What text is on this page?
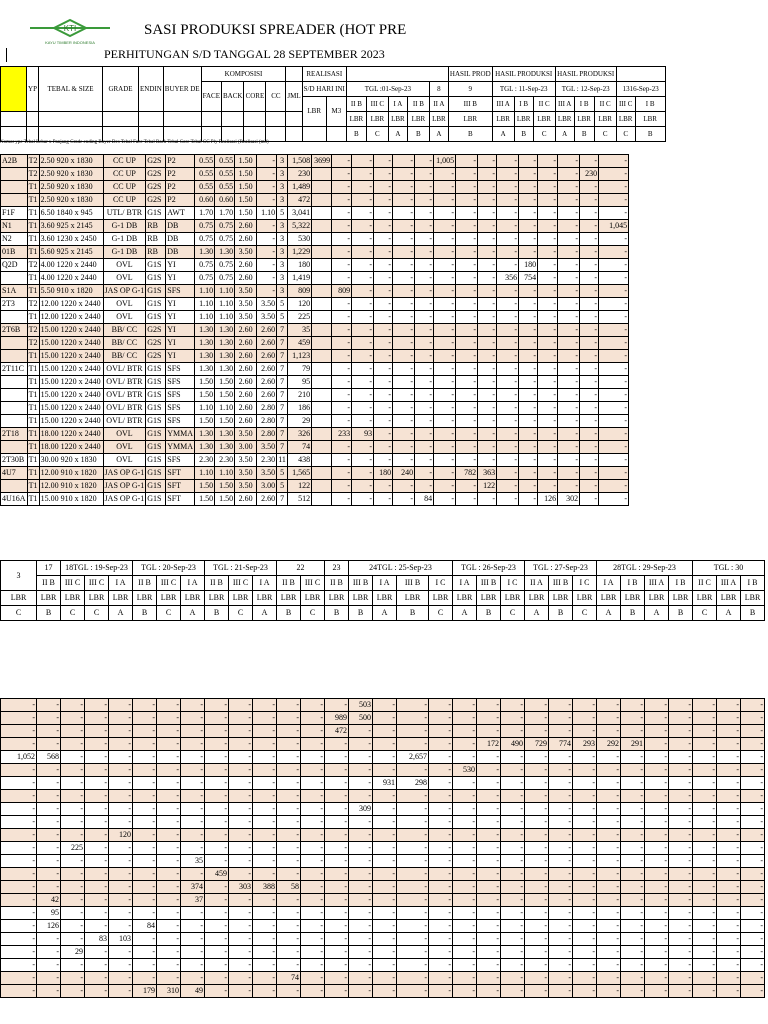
KTI
KAYU TIMBER INDONESIA
SASI PRODUKSI SPREADER (HOT PRE
PERHITUNGAN S/D TANGGAL 28 SEPTEMBER 2023
	YP	TEBAL & SIZE	GRADE	ENDIN	BUYER DE	KOMPOSISI					REALISASI							HASIL PROD	HASIL PRODUKSI			HASIL PRODUKSI				
						FACE	BACK	CORE	CC	JML	S/D HARI INI		TGL :01-Sep-23				8	9	TGL : 11-Sep-23			TGL : 12-Sep-23			1316-Sep-23	
											LBR	M3	II B	III C	I A	II B	II A	III B	III A	I B	II C	III A	I B	II C	III C	I B
													LBR	LBR	LBR	LBR	LBR	LBR	LBR	LBR	LBR	LBR	LBR	LBR	LBR	LBR
													B	C	A	B	A	B	A	B	C	A	B	C	C	B
Nomor ype Tebal Lebar x Panjang Grade ending Buyer Des Tebal Face Tebal Back Tebal Core Tebal CC Ply Realisasi (Realisasi (m3)
A2B	T2	2.50 920 x 1830	CC UP	G2S	P2	0.55	0.55	1.50	-	3	1,508	3699	-	-	-	-	-	1,005	-	-	-	-	-	-	-	-
	T2	2.50 920 x 1830	CC UP	G2S	P2	0.55	0.55	1.50	-	3	230		-	-	-	-	-	-	-	-	-	-	-	-	230	-
	T1	2.50 920 x 1830	CC UP	G2S	P2	0.55	0.55	1.50	-	3	1,489		-	-	-	-	-	-	-	-	-	-	-	-	-	-
	T1	2.50 920 x 1830	CC UP	G2S	P2	0.60	0.60	1.50	-	3	472		-	-	-	-	-	-	-	-	-	-	-	-	-	-
F1F	T1	6.50 1840 x 945	UTL/ BTR	G1S	AWT	1.70	1.70	1.50	1.10	5	3,041		-	-	-	-	-	-	-	-	-	-	-	-	-	-
N1	T1	3.60 925 x 2145	G-1 DB	RB	DB	0.75	0.75	2.60	-	3	5,322		-	-	-	-	-	-	-	-	-	-	-	-	-	1,045
N2	T1	3.60 1230 x 2450	G-1 DB	RB	DB	0.75	0.75	2.60	-	3	530		-	-	-	-	-	-	-	-	-	-	-	-	-	-
01B	T1	5.60 925 x 2145	G-1 DB	RB	DB	1.30	1.30	3.50	-	3	1,229		-	-	-	-	-	-	-	-	-	-	-	-	-	-
Q2D	T2	4.00 1220 x 2440	OVL	G1S	YI	0.75	0.75	2.60	-	3	180		-	-	-	-	-	-	-	-	-	180	-	-	-	-
	T1	4.00 1220 x 2440	OVL	G1S	YI	0.75	0.75	2.60	-	3	1,419		-	-	-	-	-	-	-	-	356	754	-	-	-	-
S1A	T1	5.50 910 x 1820	JAS OP G-1	G1S	SFS	1.10	1.10	3.50	-	3	809		809	-	-	-	-	-	-	-	-	-	-	-	-	-
2T3	T2	12.00 1220 x 2440	OVL	G1S	YI	1.10	1.10	3.50	3.50	5	120		-	-	-	-	-	-	-	-	-	-	-	-	-	-
	T1	12.00 1220 x 2440	OVL	G1S	YI	1.10	1.10	3.50	3.50	5	225		-	-	-	-	-	-	-	-	-	-	-	-	-	-
2T6B	T2	15.00 1220 x 2440	BB/ CC	G2S	YI	1.30	1.30	2.60	2.60	7	35		-	-	-	-	-	-	-	-	-	-	-	-	-	-
	T2	15.00 1220 x 2440	BB/ CC	G2S	YI	1.30	1.30	2.60	2.60	7	459		-	-	-	-	-	-	-	-	-	-	-	-	-	-
	T1	15.00 1220 x 2440	BB/ CC	G2S	YI	1.30	1.30	2.60	2.60	7	1,123		-	-	-	-	-	-	-	-	-	-	-	-	-	-
2T11C	T1	15.00 1220 x 2440	OVL/ BTR	G1S	SFS	1.30	1.30	2.60	2.60	7	79		-	-	-	-	-	-	-	-	-	-	-	-	-	-
	T1	15.00 1220 x 2440	OVL/ BTR	G1S	SFS	1.50	1.50	2.60	2.60	7	95		-	-	-	-	-	-	-	-	-	-	-	-	-	-
	T1	15.00 1220 x 2440	OVL/ BTR	G1S	SFS	1.50	1.50	2.60	2.60	7	210		-	-	-	-	-	-	-	-	-	-	-	-	-	-
	T1	15.00 1220 x 2440	OVL/ BTR	G1S	SFS	1.10	1.10	2.60	2.80	7	186		-	-	-	-	-	-	-	-	-	-	-	-	-	-
	T1	15.00 1220 x 2440	OVL/ BTR	G1S	SFS	1.50	1.50	2.60	2.80	7	29		-	-	-	-	-	-	-	-	-	-	-	-	-	-
2T18	T1	18.00 1220 x 2440	OVL	G1S	YMMA	1.30	1.30	3.50	2.80	7	326		233	93	-	-	-	-	-	-	-	-	-	-	-	-
	T1	18.00 1220 x 2440	OVL	G1S	YMMA	1.30	1.30	3.00	3.50	7	74		-	-	-	-	-	-	-	-	-	-	-	-	-	-
2T30B	T1	30.00 920 x 1830	OVL	G1S	SFS	2.30	2.30	3.50	2.30	11	438		-	-	-	-	-	-	-	-	-	-	-	-	-	-
4U7	T1	12.00 910 x 1820	JAS OP G-1	G1S	SFT	1.10	1.10	3.50	3.50	5	1,565		-	-	180	240	-	-	782	363	-	-	-	-	-	-
	T1	12.00 910 x 1820	JAS OP G-1	G1S	SFT	1.50	1.50	3.50	3.00	5	122		-	-	-	-	-	-	-	122	-	-	-	-	-	-
4U16A	T1	15.00 910 x 1820	JAS OP G-1	G1S	SFT	1.50	1.50	2.60	2.60	7	512		-	-	-	-	84	-	-	-	-	-	126	302	-	-
3	17	18TGL : 19-Sep-23			TGL : 20-Sep-23			TGL : 21-Sep-23			22		23	24TGL : 25-Sep-23				TGL : 26-Sep-23			TGL : 27-Sep-23			28TGL : 29-Sep-23				TGL : 30		
	II B	III C	III C	I A	II B	III C	I A	II B	III C	I A	II B	III C	II B	III B	I A	III B	I C	I A	III B	I C	II A	III B	I C	I A	I B	III A	I B	II C	III A	I B
LBR	LBR	LBR	LBR	LBR	LBR	LBR	LBR	LBR	LBR	LBR	LBR	LBR	LBR	LBR	LBR	LBR	LBR	LBR	LBR	LBR	LBR	LBR	LBR	LBR	LBR	LBR	LBR	LBR	LBR	LBR
C	B	C	C	A	B	C	A	B	C	A	B	C	B	B	A	B	C	A	B	C	A	B	C	A	B	A	B	C	A	B
-	-	-	-	-	-	-	-	-	-	-	-	-	-	503	-	-	-	-	-	-	-	-	-	-	-	-	-	-	-	-
-	-	-	-	-	-	-	-	-	-	-	-	-	989	500	-	-	-	-	-	-	-	-	-	-	-	-	-	-	-	-
-	-	-	-	-	-	-	-	-	-	-	-	-	472	-	-	-	-	-	-	-	-	-	-	-	-	-	-	-	-	-
-	-	-	-	-	-	-	-	-	-	-	-	-	-	-	-	-	-	-	172	490	729	774	293	292	291	-	-	-	-	-
1,052	568	-	-	-	-	-	-	-	-	-	-	-	-	-	-	2,657	-	-	-	-	-	-	-	-	-	-	-	-	-	-
-	-	-	-	-	-	-	-	-	-	-	-	-	-	-	-	-	-	530	-	-	-	-	-	-	-	-	-	-	-	-
-	-	-	-	-	-	-	-	-	-	-	-	-	-	-	931	298	-	-	-	-	-	-	-	-	-	-	-	-	-	-
-	-	-	-	-	-	-	-	-	-	-	-	-	-	-	-	-	-	-	-	-	-	-	-	-	-	-	-	-	-	-
-	-	-	-	-	-	-	-	-	-	-	-	-	-	309	-	-	-	-	-	-	-	-	-	-	-	-	-	-	-	-
-	-	-	-	-	-	-	-	-	-	-	-	-	-	-	-	-	-	-	-	-	-	-	-	-	-	-	-	-	-	-
-	-	-	-	120	-	-	-	-	-	-	-	-	-	-	-	-	-	-	-	-	-	-	-	-	-	-	-	-	-	-
-	-	225	-	-	-	-	-	-	-	-	-	-	-	-	-	-	-	-	-	-	-	-	-	-	-	-	-	-	-	-
-	-	-	-	-	-	-	35	-	-	-	-	-	-	-	-	-	-	-	-	-	-	-	-	-	-	-	-	-	-	-
-	-	-	-	-	-	-	-	459	-	-	-	-	-	-	-	-	-	-	-	-	-	-	-	-	-	-	-	-	-	-
-	-	-	-	-	-	-	374	-	303	388	58	-	-	-	-	-	-	-	-	-	-	-	-	-	-	-	-	-	-	-
-	42	-	-	-	-	-	37	-	-	-	-	-	-	-	-	-	-	-	-	-	-	-	-	-	-	-	-	-	-	-
-	95	-	-	-	-	-	-	-	-	-	-	-	-	-	-	-	-	-	-	-	-	-	-	-	-	-	-	-	-	-
-	126	-	-	-	84	-	-	-	-	-	-	-	-	-	-	-	-	-	-	-	-	-	-	-	-	-	-	-	-	-
-	-	-	83	103	-	-	-	-	-	-	-	-	-	-	-	-	-	-	-	-	-	-	-	-	-	-	-	-	-	-
-	-	29	-	-	-	-	-	-	-	-	-	-	-	-	-	-	-	-	-	-	-	-	-	-	-	-	-	-	-	-
-	-	-	-	-	-	-	-	-	-	-	-	-	-	-	-	-	-	-	-	-	-	-	-	-	-	-	-	-	-	-
-	-	-	-	-	-	-	-	-	-	-	74	-	-	-	-	-	-	-	-	-	-	-	-	-	-	-	-	-	-	-
-	-	-	-	-	179	310	49	-	-	-	-	-	-	-	-	-	-	-	-	-	-	-	-	-	-	-	-	-	-	-
